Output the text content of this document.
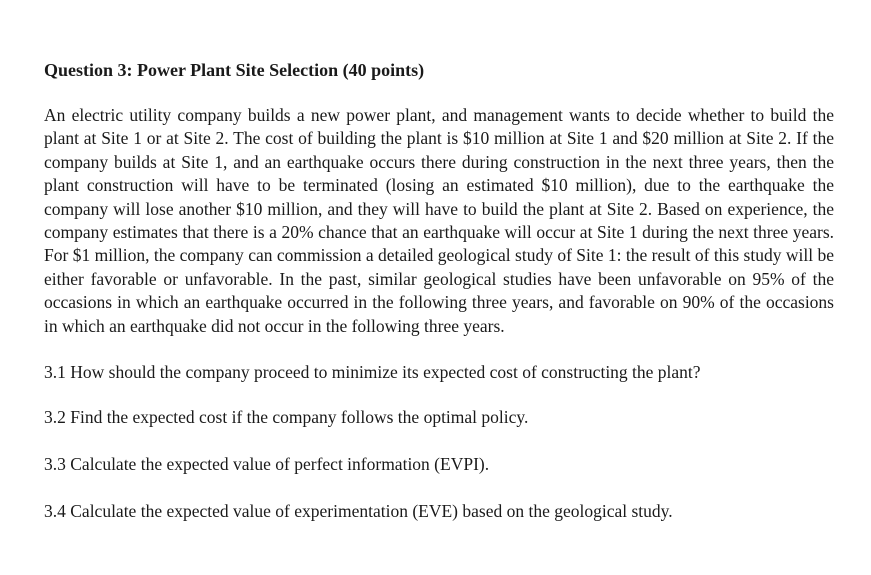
Question 3: Power Plant Site Selection (40 points)

An electric utility company builds a new power plant, and management wants to decide whether to build the plant at Site 1 or at Site 2. The cost of building the plant is $10 million at Site 1 and $20 million at Site 2. If the company builds at Site 1, and an earthquake occurs there during construction in the next three years, then the plant construction will have to be terminated (losing an estimated $10 million), due to the earthquake the company will lose another $10 million, and they will have to build the plant at Site 2. Based on experience, the company estimates that there is a 20% chance that an earthquake will occur at Site 1 during the next three years. For $1 million, the company can commission a detailed geological study of Site 1: the result of this study will be either favorable or unfavorable. In the past, similar geological studies have been unfavorable on 95% of the occasions in which an earthquake occurred in the following three years, and favorable on 90% of the occasions in which an earthquake did not occur in the following three years.

3.1 How should the company proceed to minimize its expected cost of constructing the plant?

3.2 Find the expected cost if the company follows the optimal policy.

3.3 Calculate the expected value of perfect information (EVPI).

3.4 Calculate the expected value of experimentation (EVE) based on the geological study.
